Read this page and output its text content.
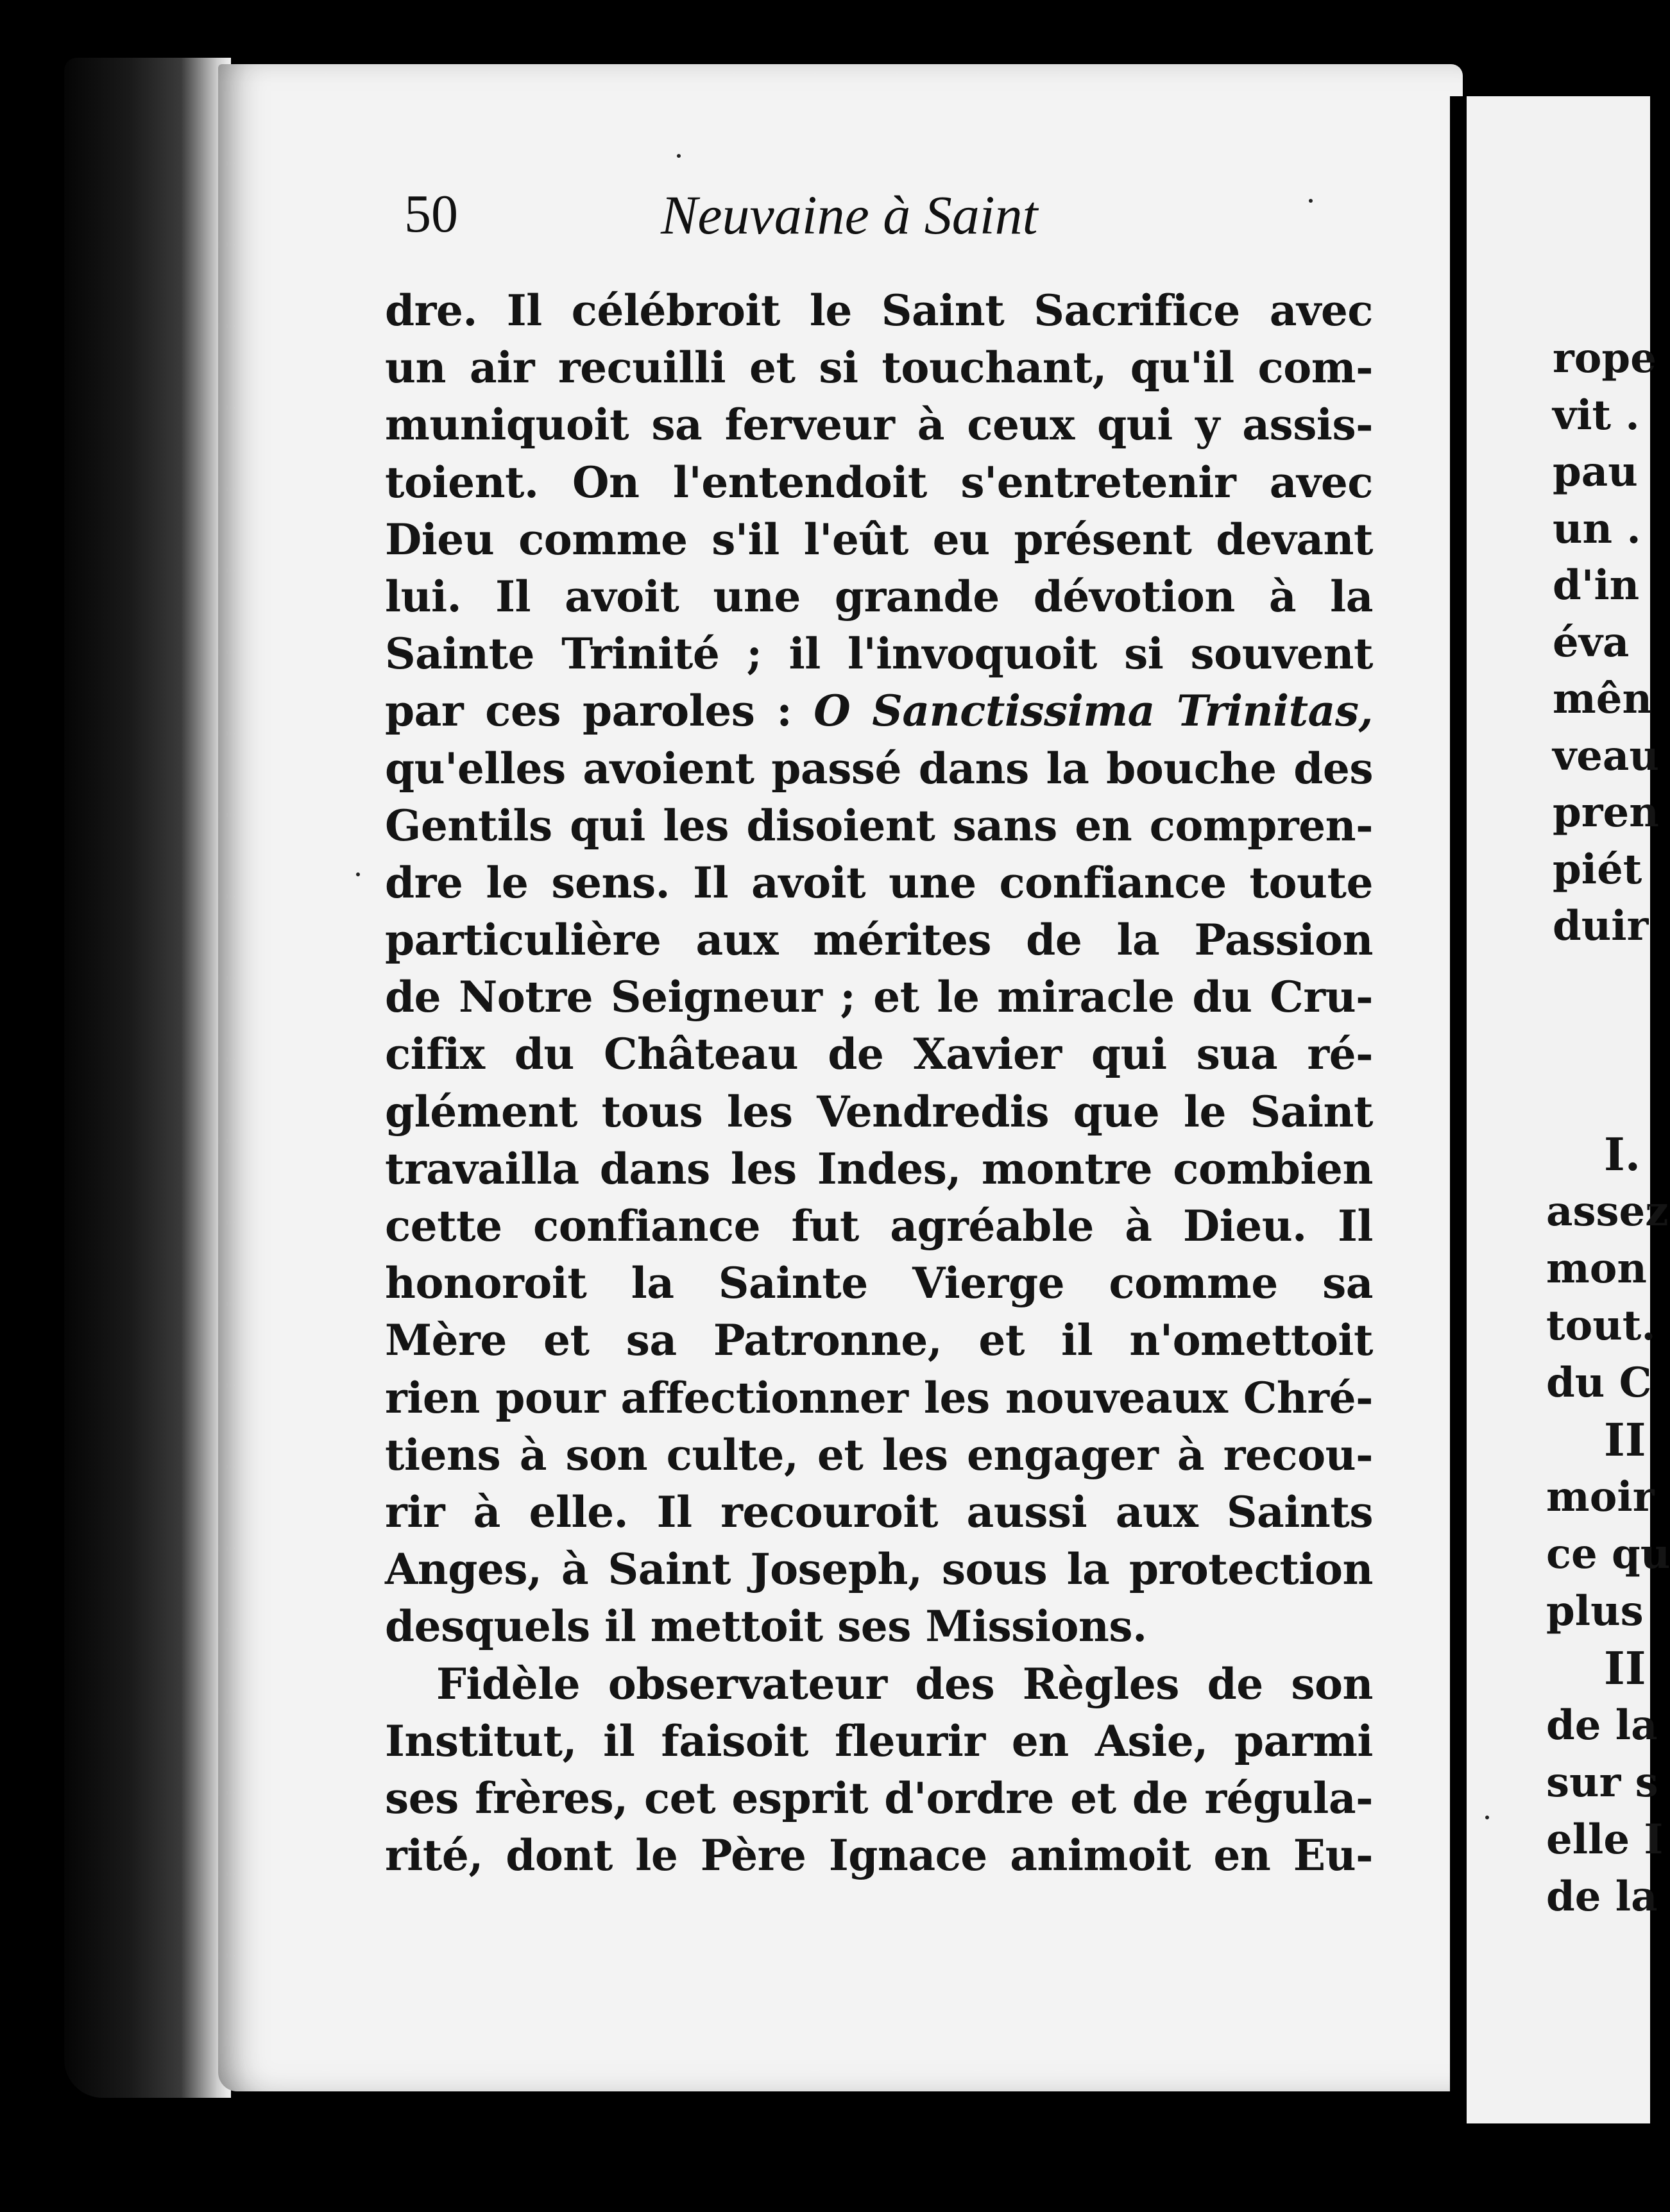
50	Neuvaine à Saint
dre. Il célébroit le Saint Sacrifice avec
un air recuilli et si touchant, qu'il com-
muniquoit sa ferveur à ceux qui y assis-
toient. On l'entendoit s'entretenir avec
Dieu comme s'il l'eût eu présent devant
lui. Il avoit une grande dévotion à la
Sainte Trinité ; il l'invoquoit si souvent
par ces paroles : O Sanctissima Trinitas,
qu'elles avoient passé dans la bouche des
Gentils qui les disoient sans en compren-
dre le sens. Il avoit une confiance toute
particulière aux mérites de la Passion
de Notre Seigneur ; et le miracle du Cru-
cifix du Château de Xavier qui sua ré-
glément tous les Vendredis que le Saint
travailla dans les Indes, montre combien
cette confiance fut agréable à Dieu. Il
honoroit la Sainte Vierge comme sa
Mère et sa Patronne, et il n'omettoit
rien pour affectionner les nouveaux Chré-
tiens à son culte, et les engager à recou-
rir à elle. Il recouroit aussi aux Saints
Anges, à Saint Joseph, sous la protection
desquels il mettoit ses Missions.
Fidèle observateur des Règles de son
Institut, il faisoit fleurir en Asie, parmi
ses frères, cet esprit d'ordre et de régula-
rité, dont le Père Ignace animoit en Eu-
rope
vit .
pau
un .
d'in
éva
mên
veau
pren
piét
duir
I.
assez
mon
tout.
du C
II
moir
ce qu
plus
II
de la
sur s
elle I
de la
